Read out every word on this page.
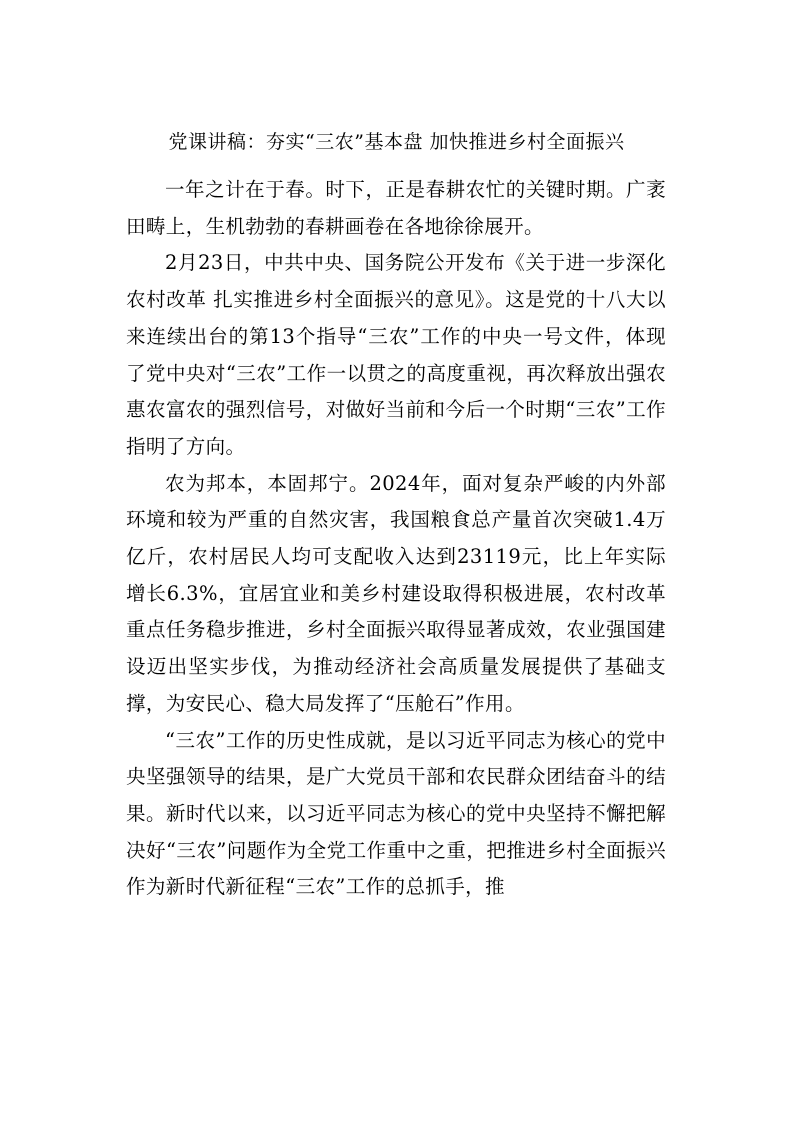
党课讲稿：夯实“三农”基本盘 加快推进乡村全面振兴

一年之计在于春。时下，正是春耕农忙的关键时期。广袤田畴上，生机勃勃的春耕画卷在各地徐徐展开。

2月23日，中共中央、国务院公开发布《关于进一步深化农村改革 扎实推进乡村全面振兴的意见》。这是党的十八大以来连续出台的第13个指导“三农”工作的中央一号文件，体现了党中央对“三农”工作一以贯之的高度重视，再次释放出强农惠农富农的强烈信号，对做好当前和今后一个时期“三农”工作指明了方向。

农为邦本，本固邦宁。2024年，面对复杂严峻的内外部环境和较为严重的自然灾害，我国粮食总产量首次突破1.4万亿斤，农村居民人均可支配收入达到23119元，比上年实际增长6.3%，宜居宜业和美乡村建设取得积极进展，农村改革重点任务稳步推进，乡村全面振兴取得显著成效，农业强国建设迈出坚实步伐，为推动经济社会高质量发展提供了基础支撑，为安民心、稳大局发挥了“压舱石”作用。

“三农”工作的历史性成就，是以习近平同志为核心的党中央坚强领导的结果，是广大党员干部和农民群众团结奋斗的结果。新时代以来，以习近平同志为核心的党中央坚持不懈把解决好“三农”问题作为全党工作重中之重，把推进乡村全面振兴作为新时代新征程“三农”工作的总抓手，推
